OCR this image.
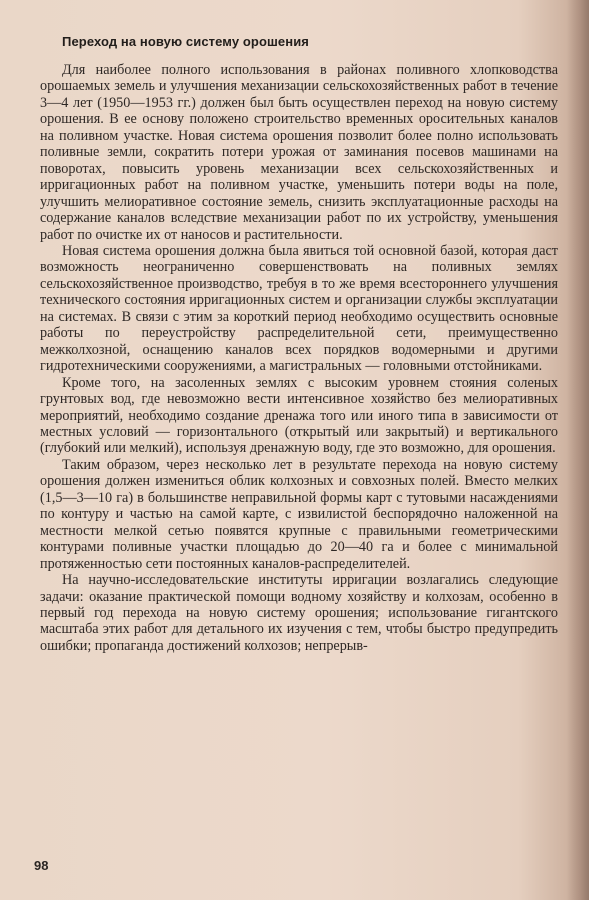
Переход на новую систему орошения

Для наиболее полного использования в районах поливного хлопководства орошаемых земель и улучшения механизации сельскохозяйственных работ в течение 3—4 лет (1950—1953 гг.) должен был быть осуществлен переход на новую систему орошения. В ее основу положено строительство временных оросительных каналов на поливном участке. Новая система орошения позволит более полно использовать поливные земли, сократить потери урожая от заминания посевов машинами на поворотах, повысить уровень механизации всех сельскохозяйственных и ирригационных работ на поливном участке, уменьшить потери воды на поле, улучшить мелиоративное состояние земель, снизить эксплуатационные расходы на содержание каналов вследствие механизации работ по их устройству, уменьшения работ по очистке их от наносов и растительности.

Новая система орошения должна была явиться той основной базой, которая даст возможность неограниченно совершенствовать на поливных землях сельскохозяйственное производство, требуя в то же время всестороннего улучшения технического состояния ирригационных систем и организации службы эксплуатации на системах. В связи с этим за короткий период необходимо осуществить основные работы по переустройству распределительной сети, преимущественно межколхозной, оснащению каналов всех порядков водомерными и другими гидротехническими сооружениями, а магистральных — головными отстойниками.

Кроме того, на засоленных землях с высоким уровнем стояния соленых грунтовых вод, где невозможно вести интенсивное хозяйство без мелиоративных мероприятий, необходимо создание дренажа того или иного типа в зависимости от местных условий — горизонтального (открытый или закрытый) и вертикального (глубокий или мелкий), используя дренажную воду, где это возможно, для орошения.

Таким образом, через несколько лет в результате перехода на новую систему орошения должен измениться облик колхозных и совхозных полей. Вместо мелких (1,5—3—10 га) в большинстве неправильной формы карт с тутовыми насаждениями по контуру и частью на самой карте, с извилистой беспорядочно наложенной на местности мелкой сетью появятся крупные с правильными геометрическими контурами поливные участки площадью до 20—40 га и более с минимальной протяженностью сети постоянных каналов-распределителей.

На научно-исследовательские институты ирригации возлагались следующие задачи: оказание практической помощи водному хозяйству и колхозам, особенно в первый год перехода на новую систему орошения; использование гигантского масштаба этих работ для детального их изучения с тем, чтобы быстро предупредить ошибки; пропаганда достижений колхозов; непрерыв-

98
